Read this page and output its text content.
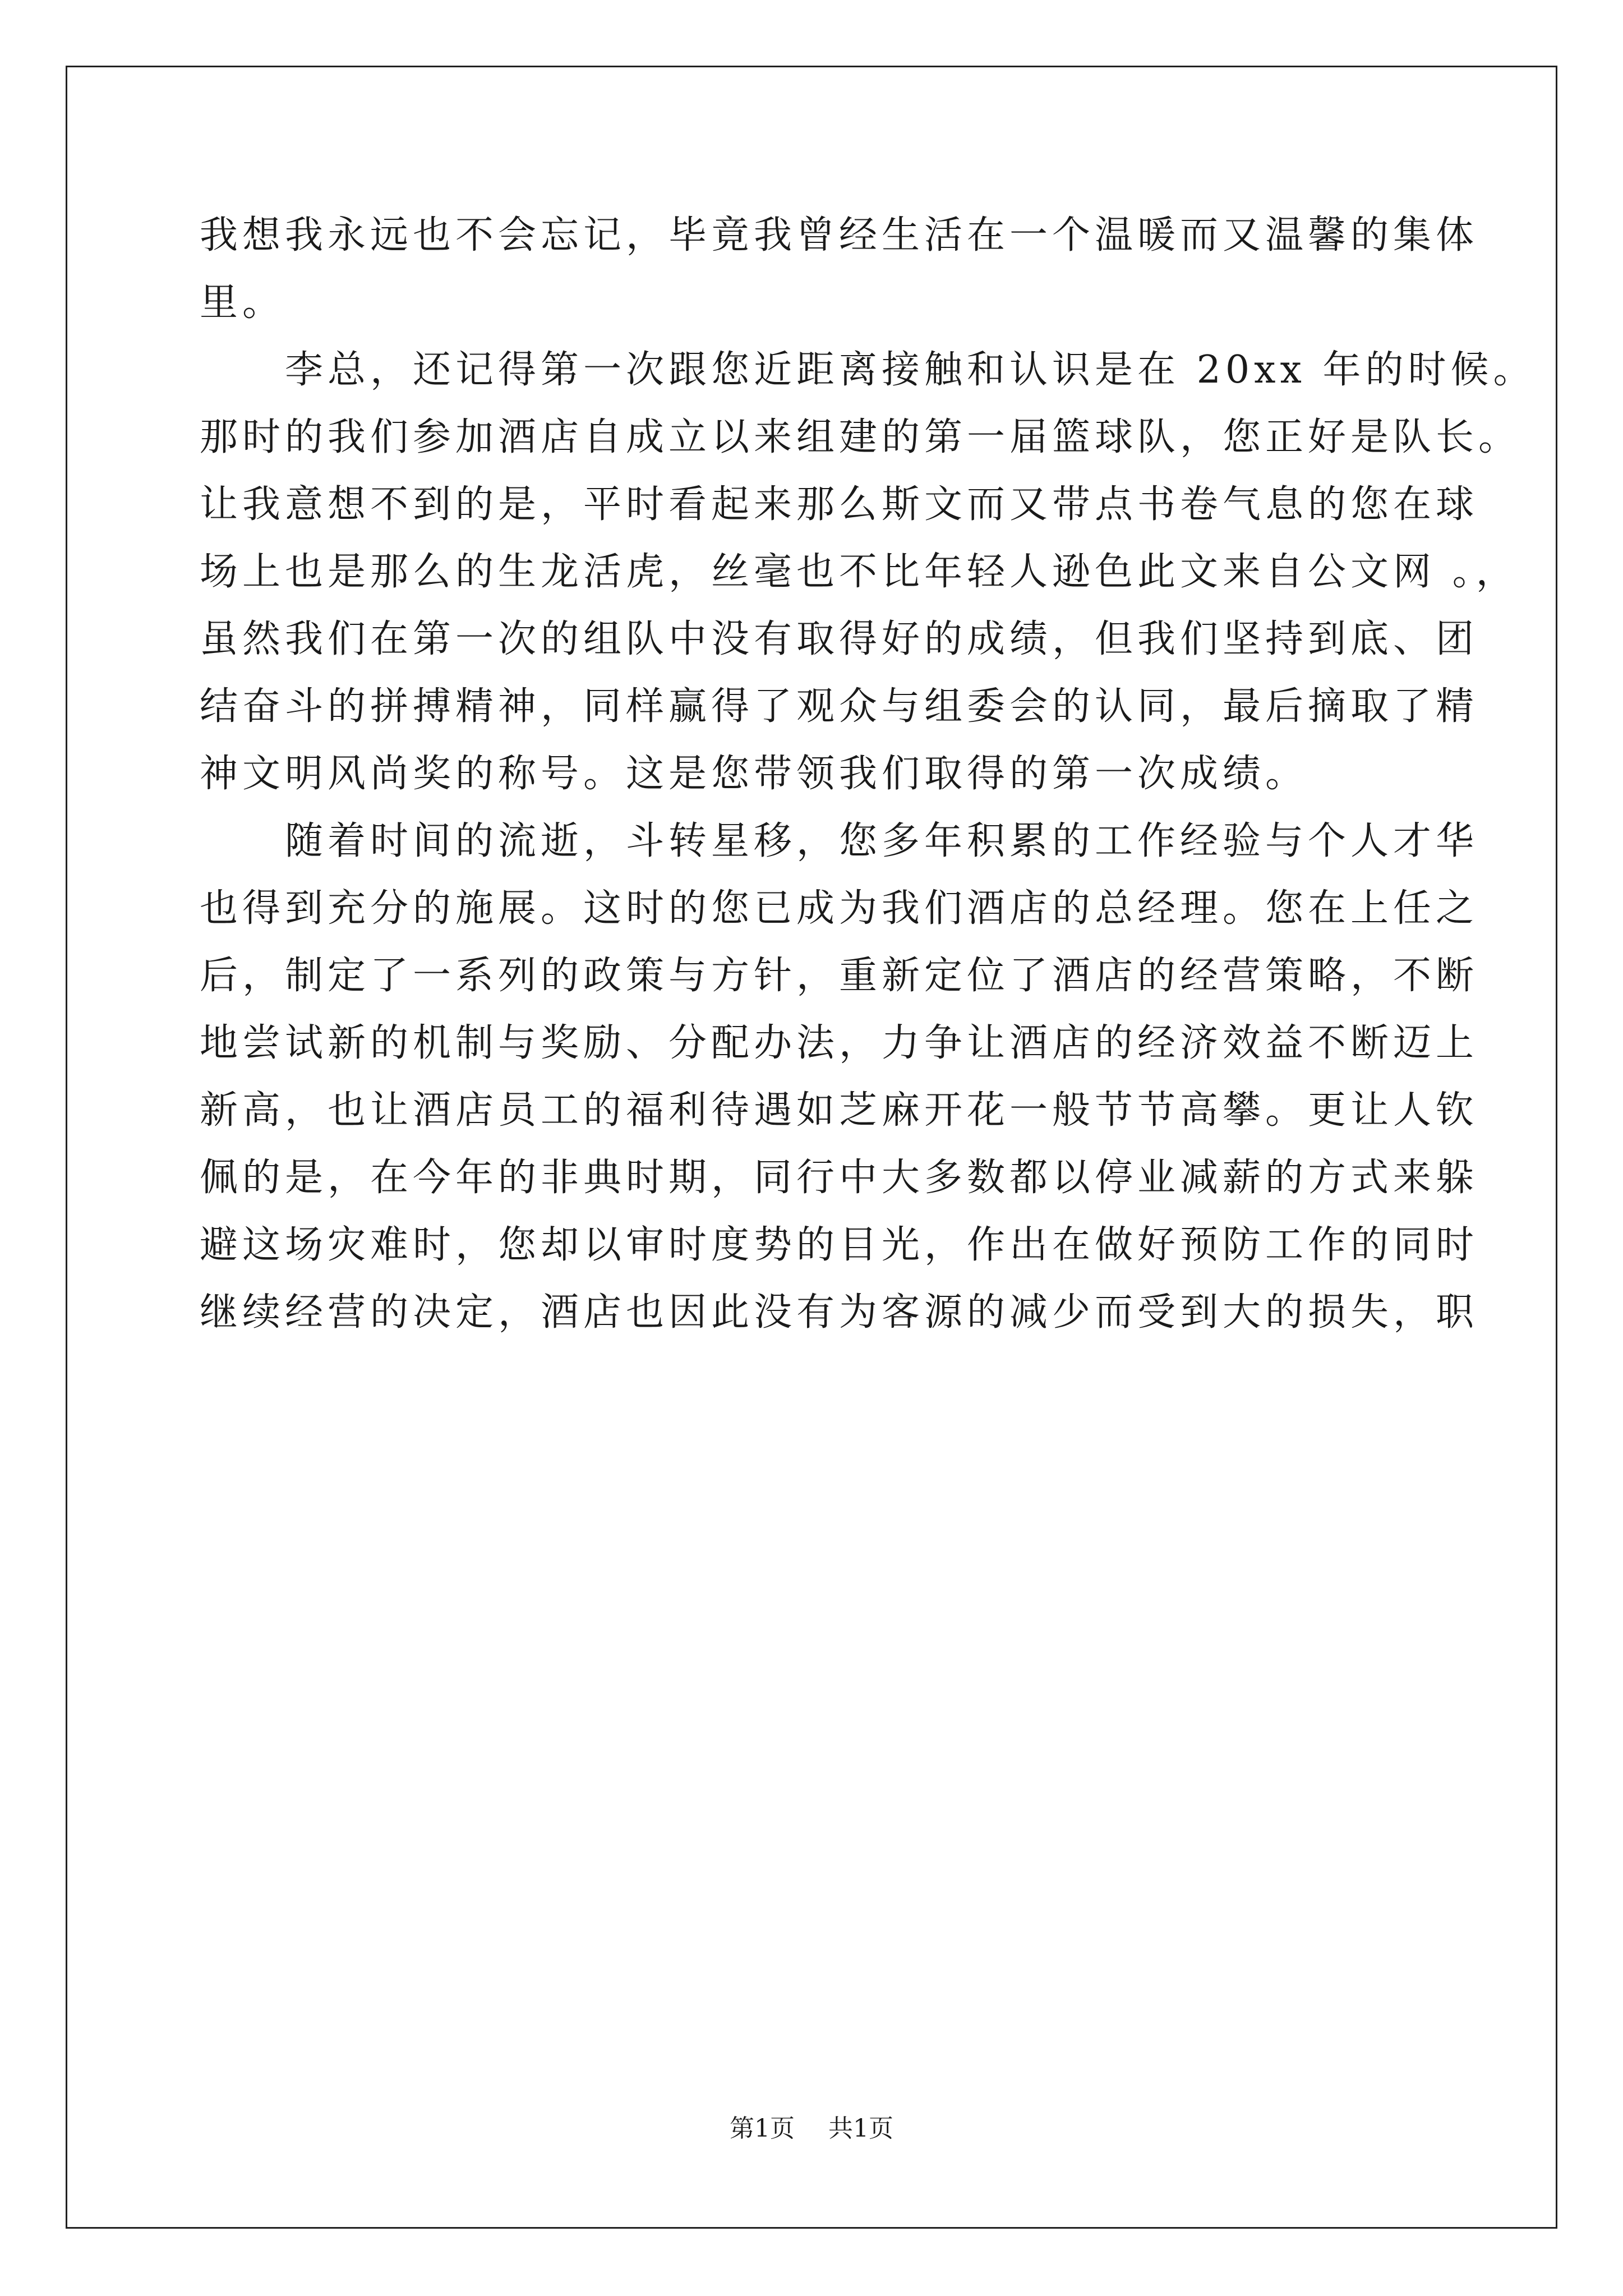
我想我永远也不会忘记，毕竟我曾经生活在一个温暖而又温馨的集体
里。
　　李总，还记得第一次跟您近距离接触和认识是在 20xx 年的时候。
那时的我们参加酒店自成立以来组建的第一届篮球队，您正好是队长。
让我意想不到的是，平时看起来那么斯文而又带点书卷气息的您在球
场上也是那么的生龙活虎，丝毫也不比年轻人逊色此文来自公文网 。，
虽然我们在第一次的组队中没有取得好的成绩，但我们坚持到底、团
结奋斗的拼搏精神，同样赢得了观众与组委会的认同，最后摘取了精
神文明风尚奖的称号。这是您带领我们取得的第一次成绩。
　　随着时间的流逝，斗转星移，您多年积累的工作经验与个人才华
也得到充分的施展。这时的您已成为我们酒店的总经理。您在上任之
后，制定了一系列的政策与方针，重新定位了酒店的经营策略，不断
地尝试新的机制与奖励、分配办法，力争让酒店的经济效益不断迈上
新高，也让酒店员工的福利待遇如芝麻开花一般节节高攀。更让人钦
佩的是，在今年的非典时期，同行中大多数都以停业减薪的方式来躲
避这场灾难时，您却以审时度势的目光，作出在做好预防工作的同时
继续经营的决定，酒店也因此没有为客源的减少而受到大的损失，职
第1页 共1页
